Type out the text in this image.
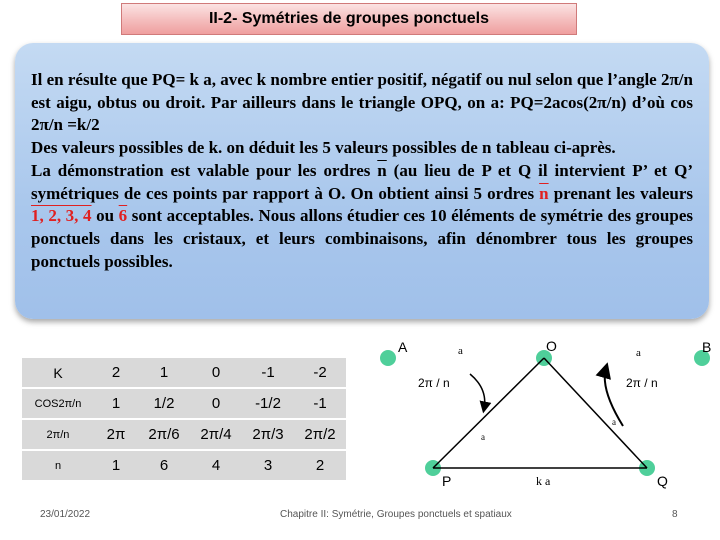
II-2- Symétries de groupes ponctuels
Il en résulte que PQ= k a, avec k nombre entier positif, négatif ou nul selon que l’angle 2π/n est aigu, obtus ou droit. Par ailleurs dans le triangle OPQ, on a: PQ=2acos(2π/n) d’où cos 2π/n =k/2
Des valeurs possibles de k. on déduit les 5 valeurs possibles de n tableau ci-après.
La démonstration est valable pour les ordres $\overline{n}$ (au lieu de P et Q il intervient P’ et Q’ symétriques de ces points par rapport à O. On obtient ainsi 5 ordres $\overline{n}$ prenant les valeurs 1, 2, 3, 4 ou 6 sont acceptables. Nous allons étudier ces 10 éléments de symétrie des groupes ponctuels dans les cristaux, et leurs combinaisons, afin dénombrer tous les groupes ponctuels possibles.
K	2	1	0	-1	-2
COS2π/n	1	1/2	0	-1/2	-1
2π/n	2π	2π/6	2π/4	2π/3	2π/2
n	1	6	4	3	2
A	O	B
P	Q
a	a
2π / n	2π / n
a
a
k a
23/01/2022	Chapitre II: Symétrie, Groupes ponctuels et spatiaux	8
